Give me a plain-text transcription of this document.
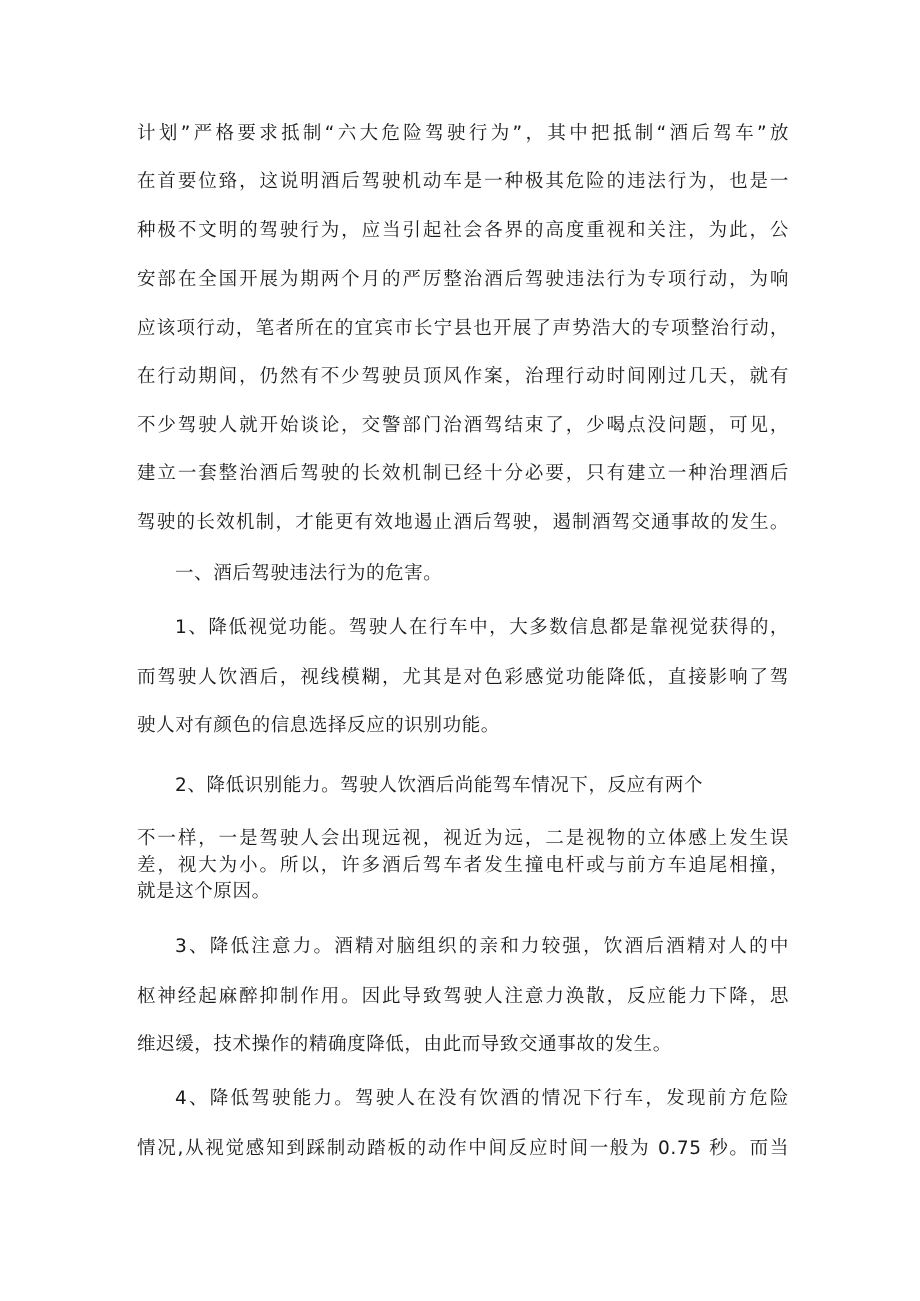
计划”严格要求抵制“六大危险驾驶行为”，其中把抵制“酒后驾车”放
在首要位臵，这说明酒后驾驶机动车是一种极其危险的违法行为，也是一
种极不文明的驾驶行为，应当引起社会各界的高度重视和关注，为此，公
安部在全国开展为期两个月的严厉整治酒后驾驶违法行为专项行动，为响
应该项行动，笔者所在的宜宾市长宁县也开展了声势浩大的专项整治行动，
在行动期间，仍然有不少驾驶员顶风作案，治理行动时间刚过几天，就有
不少驾驶人就开始谈论，交警部门治酒驾结束了，少喝点没问题，可见，
建立一套整治酒后驾驶的长效机制已经十分必要，只有建立一种治理酒后
驾驶的长效机制，才能更有效地遏止酒后驾驶，遏制酒驾交通事故的发生。
一、酒后驾驶违法行为的危害。
1、降低视觉功能。驾驶人在行车中，大多数信息都是靠视觉获得的，
而驾驶人饮酒后，视线模糊，尤其是对色彩感觉功能降低，直接影响了驾
驶人对有颜色的信息选择反应的识别功能。
2、降低识别能力。驾驶人饮酒后尚能驾车情况下，反应有两个
不一样，一是驾驶人会出现远视，视近为远，二是视物的立体感上发生误
差，视大为小。所以，许多酒后驾车者发生撞电杆或与前方车追尾相撞，
就是这个原因。
3、降低注意力。酒精对脑组织的亲和力较强，饮酒后酒精对人的中
枢神经起麻醉抑制作用。因此导致驾驶人注意力涣散，反应能力下降，思
维迟缓，技术操作的精确度降低，由此而导致交通事故的发生。
4、降低驾驶能力。驾驶人在没有饮酒的情况下行车，发现前方危险
情况,从视觉感知到踩制动踏板的动作中间反应时间一般为 0.75 秒。而当
